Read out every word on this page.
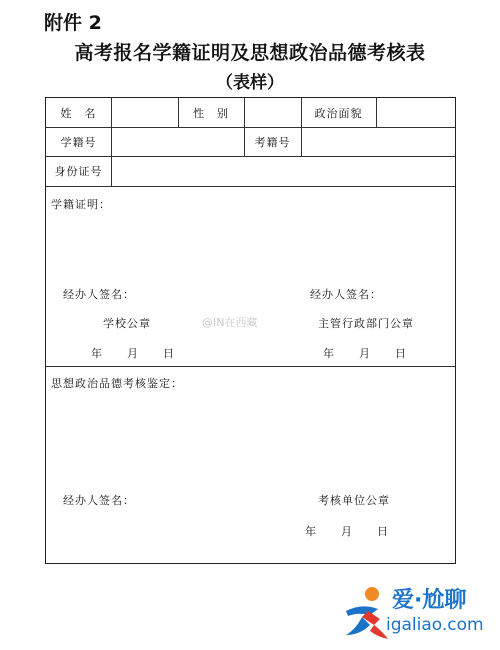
附件 2
高考报名学籍证明及思想政治品德考核表
（表样）
姓　名	性　别	政治面貌
学籍号	考籍号
身份证号
学籍证明：
经办人签名：
学校公章
年　　月　　日
经办人签名：
主管行政部门公章
年　　月　　日
思想政治品德考核鉴定：
经办人签名：	考核单位公章
年　　月　　日
@IN在西藏
爱·尬聊
igaliao.com
